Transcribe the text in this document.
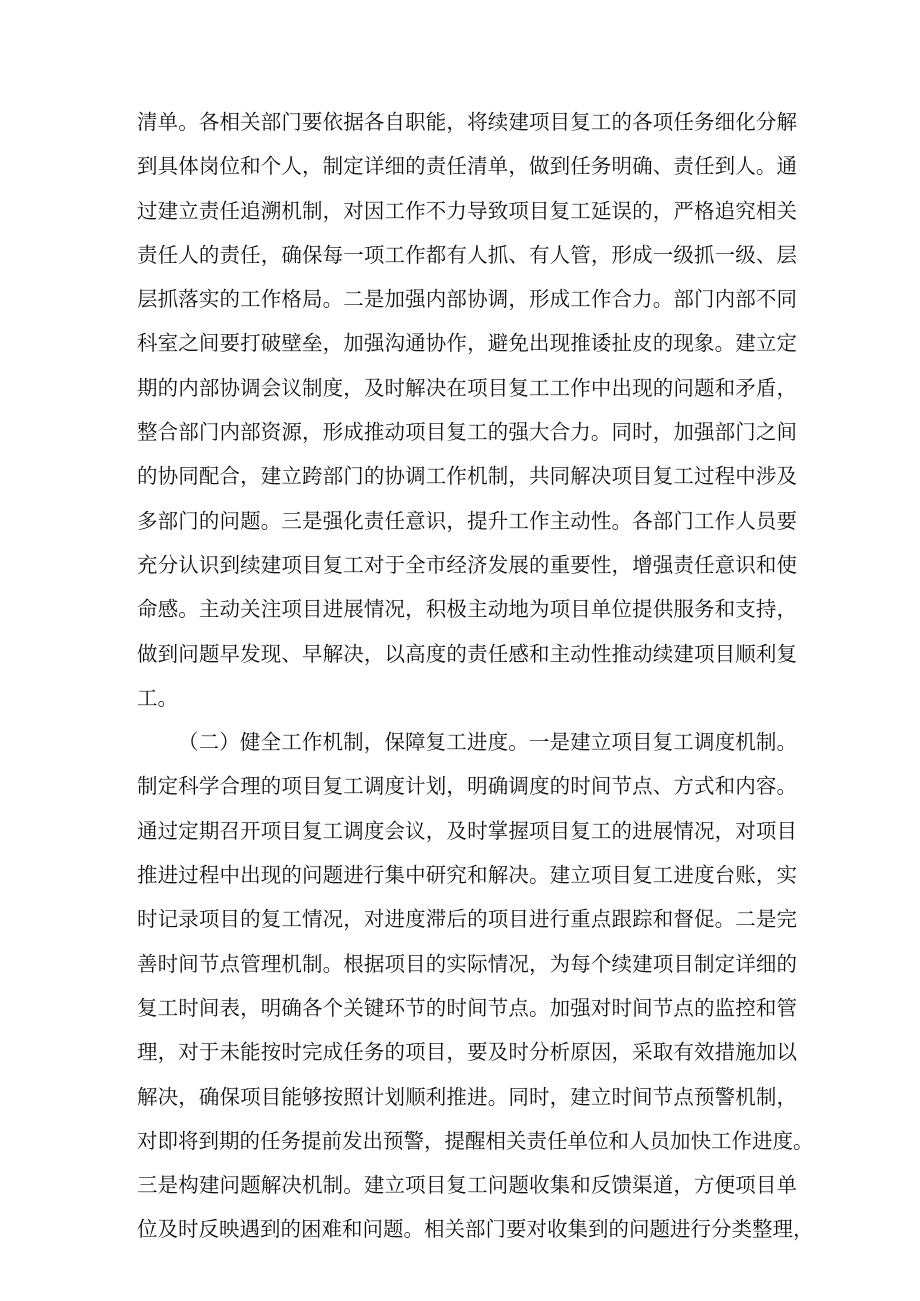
清单。各相关部门要依据各自职能，将续建项目复工的各项任务细化分解
到具体岗位和个人，制定详细的责任清单，做到任务明确、责任到人。通
过建立责任追溯机制，对因工作不力导致项目复工延误的，严格追究相关
责任人的责任，确保每一项工作都有人抓、有人管，形成一级抓一级、层
层抓落实的工作格局。二是加强内部协调，形成工作合力。部门内部不同
科室之间要打破壁垒，加强沟通协作，避免出现推诿扯皮的现象。建立定
期的内部协调会议制度，及时解决在项目复工工作中出现的问题和矛盾，
整合部门内部资源，形成推动项目复工的强大合力。同时，加强部门之间
的协同配合，建立跨部门的协调工作机制，共同解决项目复工过程中涉及
多部门的问题。三是强化责任意识，提升工作主动性。各部门工作人员要
充分认识到续建项目复工对于全市经济发展的重要性，增强责任意识和使
命感。主动关注项目进展情况，积极主动地为项目单位提供服务和支持，
做到问题早发现、早解决，以高度的责任感和主动性推动续建项目顺利复
工。
（二）健全工作机制，保障复工进度。一是建立项目复工调度机制。
制定科学合理的项目复工调度计划，明确调度的时间节点、方式和内容。
通过定期召开项目复工调度会议，及时掌握项目复工的进展情况，对项目
推进过程中出现的问题进行集中研究和解决。建立项目复工进度台账，实
时记录项目的复工情况，对进度滞后的项目进行重点跟踪和督促。二是完
善时间节点管理机制。根据项目的实际情况，为每个续建项目制定详细的
复工时间表，明确各个关键环节的时间节点。加强对时间节点的监控和管
理，对于未能按时完成任务的项目，要及时分析原因，采取有效措施加以
解决，确保项目能够按照计划顺利推进。同时，建立时间节点预警机制，
对即将到期的任务提前发出预警，提醒相关责任单位和人员加快工作进度。
三是构建问题解决机制。建立项目复工问题收集和反馈渠道，方便项目单
位及时反映遇到的困难和问题。相关部门要对收集到的问题进行分类整理，
